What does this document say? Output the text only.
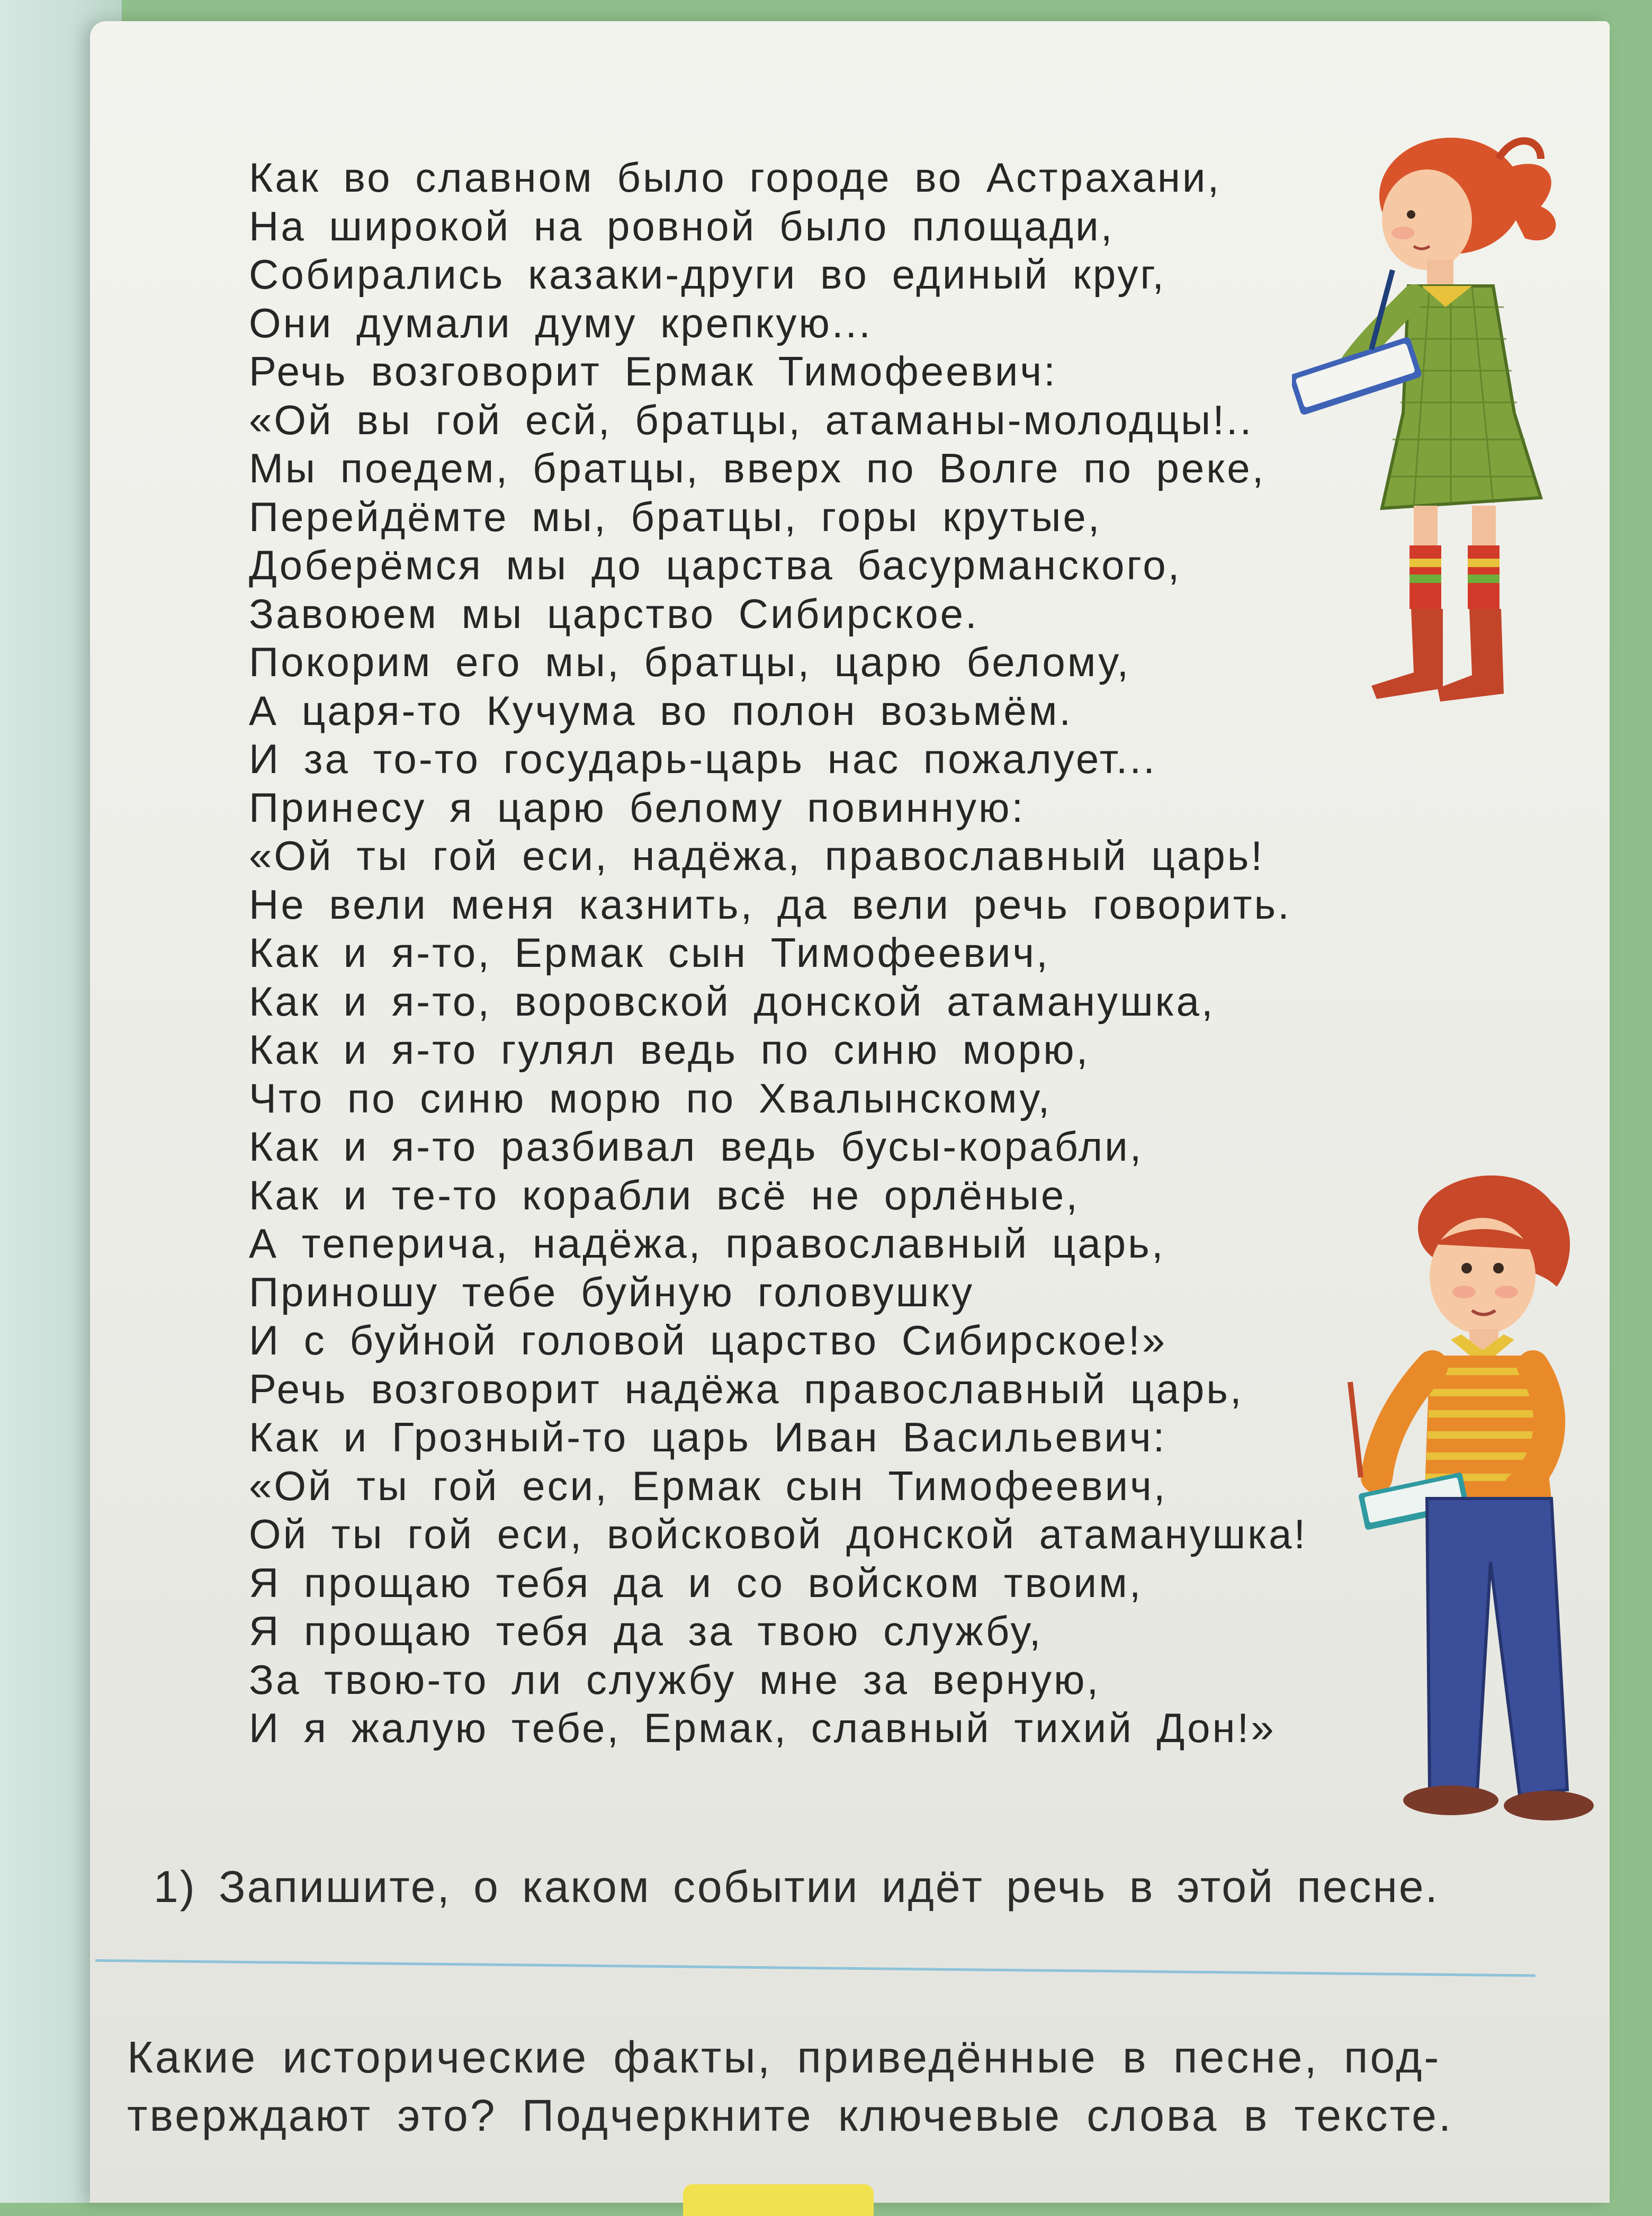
Как во славном было городе во Астрахани,
На широкой на ровной было площади,
Собирались казаки-други во единый круг,
Они думали думу крепкую...
Речь возговорит Ермак Тимофеевич:
«Ой вы гой есй, братцы, атаманы-молодцы!..
Мы поедем, братцы, вверх по Волге по реке,
Перейдёмте мы, братцы, горы крутые,
Доберёмся мы до царства басурманского,
Завоюем мы царство Сибирское.
Покорим его мы, братцы, царю белому,
А царя-то Кучума во полон возьмём.
И за то-то государь-царь нас пожалует...
Принесу я царю белому повинную:
«Ой ты гой еси, надёжа, православный царь!
Не вели меня казнить, да вели речь говорить.
Как и я-то, Ермак сын Тимофеевич,
Как и я-то, воровской донской атаманушка,
Как и я-то гулял ведь по синю морю,
Что по синю морю по Хвалынскому,
Как и я-то разбивал ведь бусы-корабли,
Как и те-то корабли всё не орлёные,
А теперича, надёжа, православный царь,
Приношу тебе буйную головушку
И с буйной головой царство Сибирское!»
Речь возговорит надёжа православный царь,
Как и Грозный-то царь Иван Васильевич:
«Ой ты гой еси, Ермак сын Тимофеевич,
Ой ты гой еси, войсковой донской атаманушка!
Я прощаю тебя да и со войском твоим,
Я прощаю тебя да за твою службу,
За твою-то ли службу мне за верную,
И я жалую тебе, Ермак, славный тихий Дон!»
1) Запишите, о каком событии идёт речь в этой песне.
Какие исторические факты, приведённые в песне, под-
тверждают это? Подчеркните ключевые слова в тексте.
